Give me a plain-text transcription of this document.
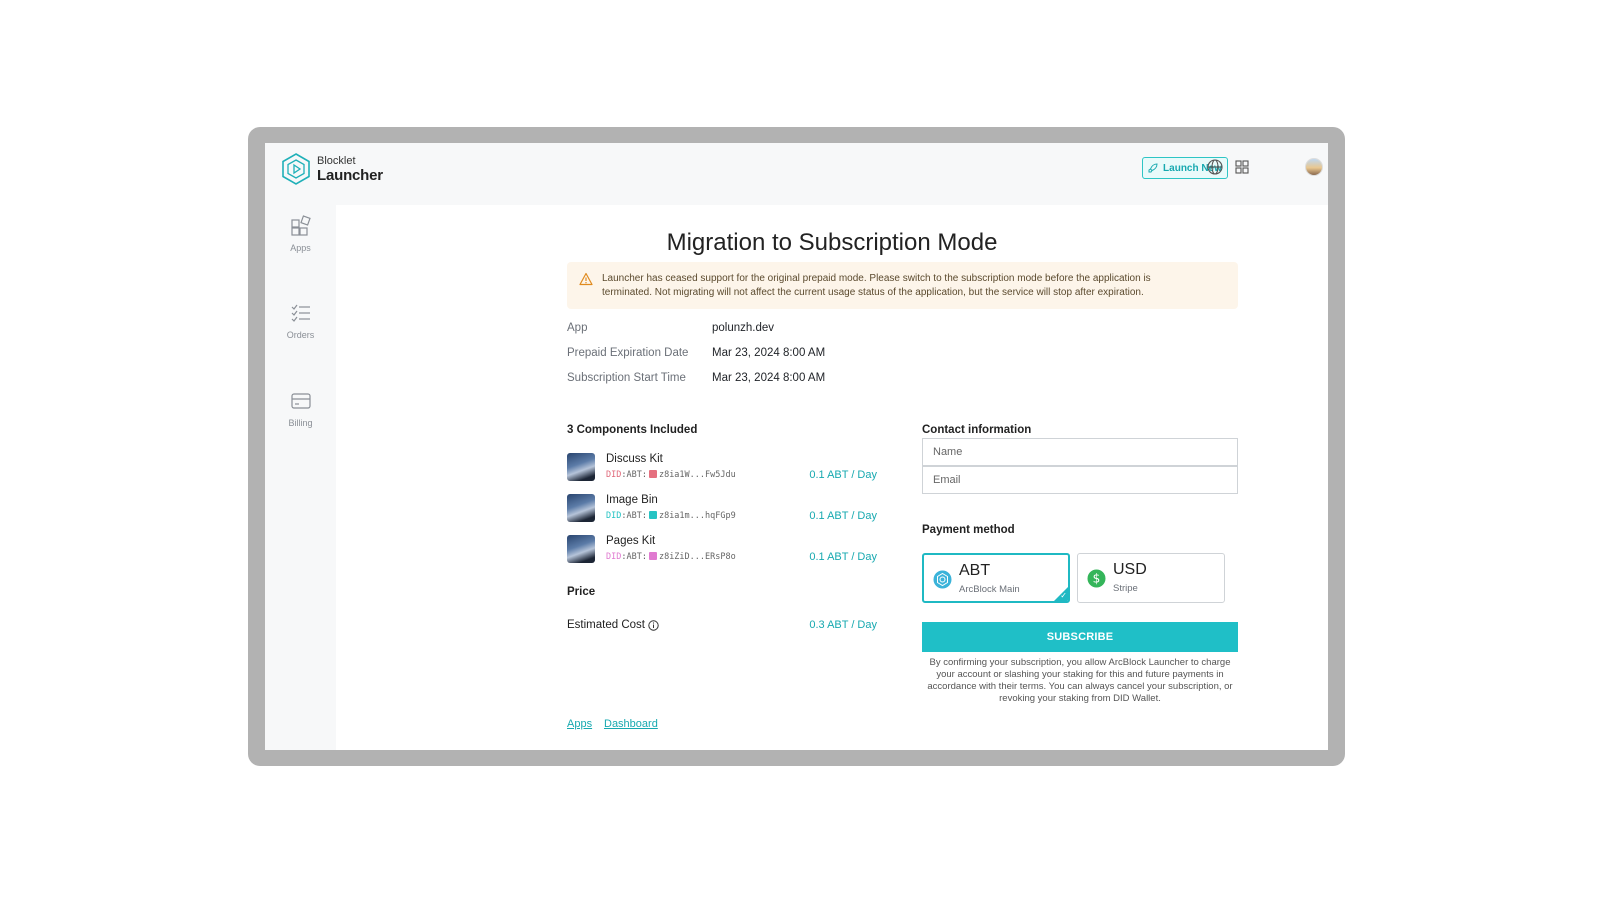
Blocklet
Launcher	Launch New
Apps
Orders
Billing
Migration to Subscription Mode
Launcher has ceased support for the original prepaid mode. Please switch to the subscription mode before the application is terminated. Not migrating will not affect the current usage status of the application, but the service will stop after expiration.
App	polunzh.dev
Prepaid Expiration Date Mar 23, 2024 8:00 AM
Subscription Start Time Mar 23, 2024 8:00 AM
3 Components Included
Discuss Kit
DID:ABT: z8ia1W...Fw5Jdu	0.1 ABT / Day
Image Bin
DID:ABT: z8ia1m...hqFGp9	0.1 ABT / Day
Pages Kit
DID:ABT: z8iZiD...ERsP8o	0.1 ABT / Day
Price
Estimated Cost	0.3 ABT / Day
Apps Dashboard
Contact information
Name
Email
Payment method
ABT
ArcBlock Main
✓
$
USD
Stripe
SUBSCRIBE
By confirming your subscription, you allow ArcBlock Launcher to charge your account or slashing your staking for this and future payments in accordance with their terms. You can always cancel your subscription, or revoking your staking from DID Wallet.
